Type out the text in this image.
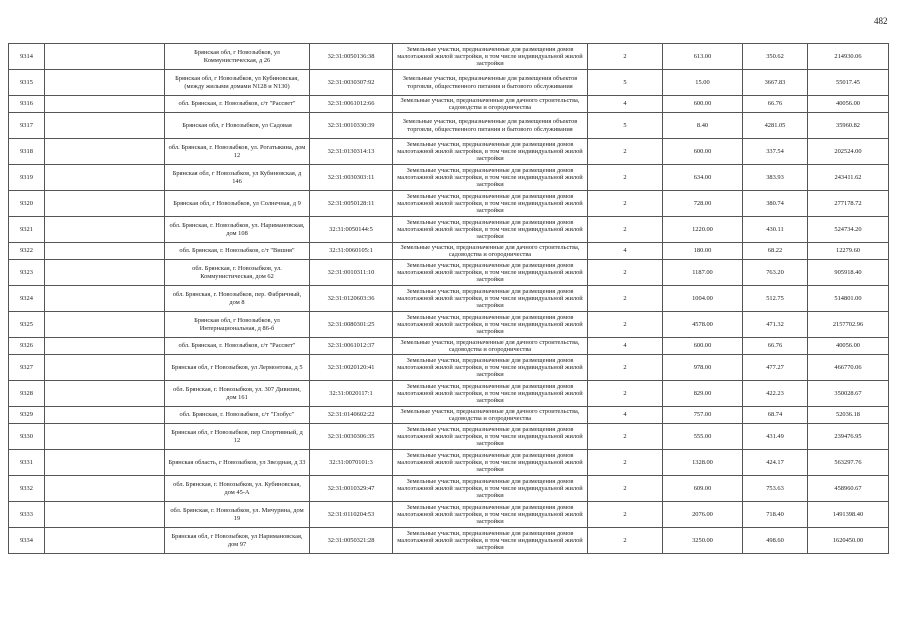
482
9314		Брянская обл, г Новозыбков, ул Коммунистическая, д 26	32:31:0050136:38	Земельные участки, предназначенные для размещения домов малоэтажной жилой застройки, в том числе индивидуальной жилой застройки	2	613.00	350.62	214930.06
9315		Брянская обл, г Новозыбков, ул Кубиновская, (между жилыми домами N128 и N130)	32:31:0030307:92	Земельные участки, предназначенные для размещения объектов торговли, общественного питания и бытового обслуживания	5	15.00	3667.83	55017.45
9316		обл. Брянская, г. Новозыбков, с/т "Рассвет"	32:31:0061012:66	Земельные участки, предназначенные для дачного строительства, садоводства и огородничества	4	600.00	66.76	40056.00
9317		Брянская обл, г Новозыбков, ул Садовая	32:31:0010330:39	Земельные участки, предназначенные для размещения объектов торговли, общественного питания и бытового обслуживания	5	8.40	4281.05	35960.82
9318		обл. Брянская, г. Новозыбков, ул. Рогатыкина, дом 12	32:31:0130314:13	Земельные участки, предназначенные для размещения домов малоэтажной жилой застройки, в том числе индивидуальной жилой застройки	2	600.00	337.54	202524.00
9319		Брянская обл, г Новозыбков, ул Кубиновская, д 146	32:31:0030303:11	Земельные участки, предназначенные для размещения домов малоэтажной жилой застройки, в том числе индивидуальной жилой застройки	2	634.00	383.93	243411.62
9320		Брянская обл, г Новозыбков, ул Солнечная, д 9	32:31:0050128:11	Земельные участки, предназначенные для размещения домов малоэтажной жилой застройки, в том числе индивидуальной жилой застройки	2	728.00	380.74	277178.72
9321		обл. Брянская, г. Новозыбков, ул. Наримановская, дом 108	32:31:0050144:5	Земельные участки, предназначенные для размещения домов малоэтажной жилой застройки, в том числе индивидуальной жилой застройки	2	1220.00	430.11	524734.20
9322		обл. Брянская, г. Новозыбков, с/т "Вишня"	32:31:0060105:1	Земельные участки, предназначенные для дачного строительства, садоводства и огородничества	4	180.00	68.22	12279.60
9323		обл. Брянская, г. Новозыбков, ул. Коммунистическая, дом 62	32:31:0010311:10	Земельные участки, предназначенные для размещения домов малоэтажной жилой застройки, в том числе индивидуальной жилой застройки	2	1187.00	763.20	905918.40
9324		обл. Брянская, г. Новозыбков, пер. Фабричный, дом 8	32:31:0120603:36	Земельные участки, предназначенные для размещения домов малоэтажной жилой застройки, в том числе индивидуальной жилой застройки	2	1004.00	512.75	514801.00
9325		Брянская обл, г Новозыбков, ул Интернациональная, д 86-б	32:31:0080301:25	Земельные участки, предназначенные для размещения домов малоэтажной жилой застройки, в том числе индивидуальной жилой застройки	2	4578.00	471.32	2157702.96
9326		обл. Брянская, г. Новозыбков, с/т "Рассвет"	32:31:0061012:37	Земельные участки, предназначенные для дачного строительства, садоводства и огородничества	4	600.00	66.76	40056.00
9327		Брянская обл, г Новозыбков, ул Лермонтова, д 5	32:31:0020120:41	Земельные участки, предназначенные для размещения домов малоэтажной жилой застройки, в том числе индивидуальной жилой застройки	2	978.00	477.27	466770.06
9328		обл. Брянская, г. Новозыбков, ул. 307 Дивизии, дом 161	32:31:0020117:1	Земельные участки, предназначенные для размещения домов малоэтажной жилой застройки, в том числе индивидуальной жилой застройки	2	829.00	422.23	350028.67
9329		обл. Брянская, г. Новозыбков, с/т "Глобус"	32:31:0140602:22	Земельные участки, предназначенные для дачного строительства, садоводства и огородничества	4	757.00	68.74	52036.18
9330		Брянская обл, г Новозыбков, пер Спортивный, д 12	32:31:0030306:35	Земельные участки, предназначенные для размещения домов малоэтажной жилой застройки, в том числе индивидуальной жилой застройки	2	555.00	431.49	239476.95
9331		Брянская область, г Новозыбков, ул Звездная, д 33	32:31:0070101:3	Земельные участки, предназначенные для размещения домов малоэтажной жилой застройки, в том числе индивидуальной жилой застройки	2	1328.00	424.17	563297.76
9332		обл. Брянская, г. Новозыбков, ул. Кубиновская, дом 45-А	32:31:0010329:47	Земельные участки, предназначенные для размещения домов малоэтажной жилой застройки, в том числе индивидуальной жилой застройки	2	609.00	753.63	458960.67
9333		обл. Брянская, г. Новозыбков, ул. Мичурина, дом 19	32:31:0110204:53	Земельные участки, предназначенные для размещения домов малоэтажной жилой застройки, в том числе индивидуальной жилой застройки	2	2076.00	718.40	1491398.40
9334		Брянская обл, г Новозыбков, ул Наримановская, дом 97	32:31:0050321:28	Земельные участки, предназначенные для размещения домов малоэтажной жилой застройки, в том числе индивидуальной жилой застройки	2	3250.00	498.60	1620450.00
